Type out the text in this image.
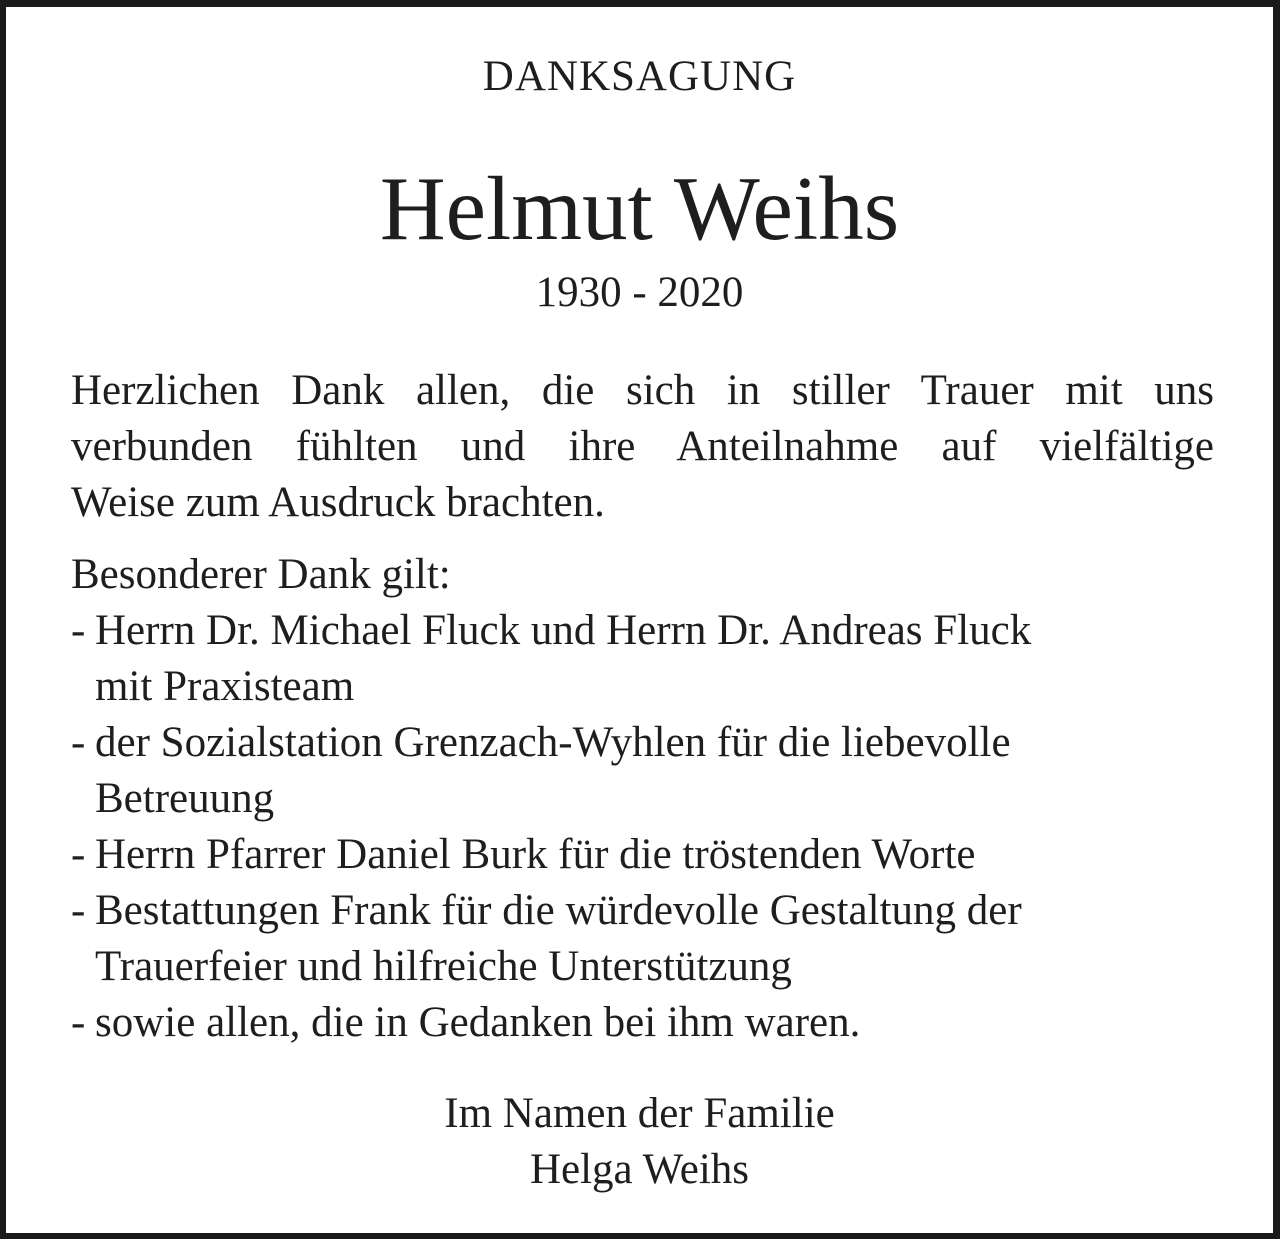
DANKSAGUNG
Helmut Weihs
1930 - 2020
Herzlichen Dank allen, die sich in stiller Trauer mit uns
verbunden fühlten und ihre Anteilnahme auf vielfältige
Weise zum Ausdruck brachten.
Besonderer Dank gilt:
- Herrn Dr. Michael Fluck und Herrn Dr. Andreas Fluck
mit Praxisteam
- der Sozialstation Grenzach-Wyhlen für die liebevolle
Betreuung
- Herrn Pfarrer Daniel Burk für die tröstenden Worte
- Bestattungen Frank für die würdevolle Gestaltung der
Trauerfeier und hilfreiche Unterstützung
- sowie allen, die in Gedanken bei ihm waren.
Im Namen der Familie
Helga Weihs
